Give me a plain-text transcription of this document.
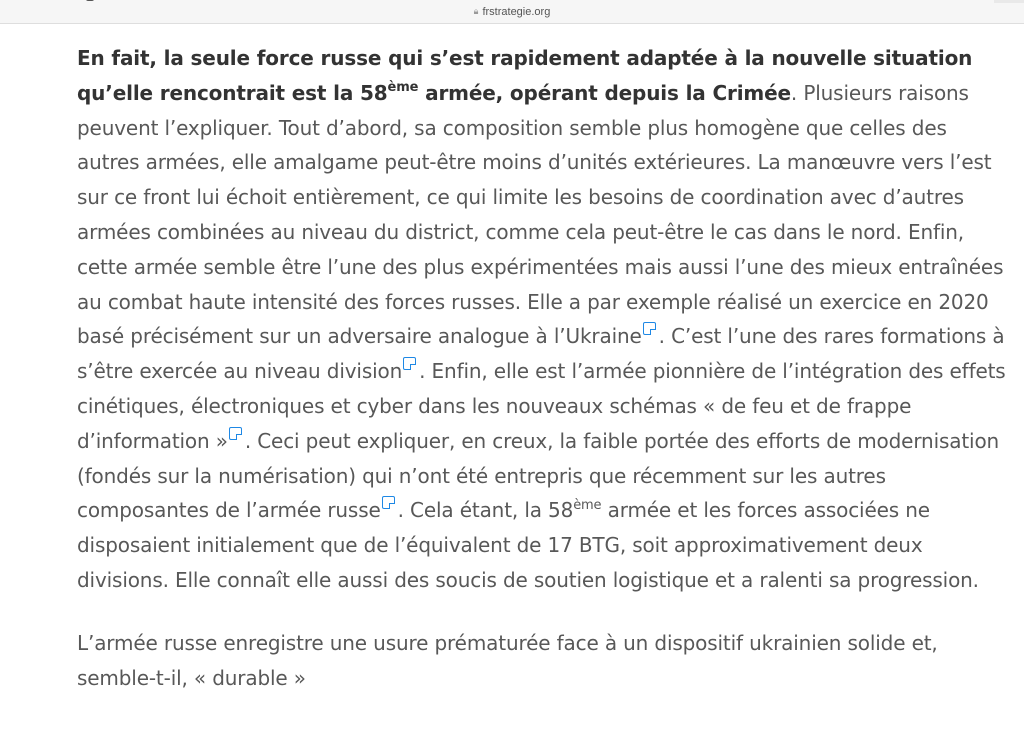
🔒︎ frstrategie.org

En fait, la seule force russe qui s’est rapidement adaptée à la nouvelle situation qu’elle rencontrait est la 58ème armée, opérant depuis la Crimée. Plusieurs raisons peuvent l’expliquer. Tout d’abord, sa composition semble plus homogène que celles des autres armées, elle amalgame peut-être moins d’unités extérieures. La manœuvre vers l’est sur ce front lui échoit entièrement, ce qui limite les besoins de coordination avec d’autres armées combinées au niveau du district, comme cela peut-être le cas dans le nord. Enfin, cette armée semble être l’une des plus expérimentées mais aussi l’une des mieux entraînées au combat haute intensité des forces russes. Elle a par exemple réalisé un exercice en 2020 basé précisément sur un adversaire analogue à l’Ukraine . C’est l’une des rares formations à s’être exercée au niveau division . Enfin, elle est l’armée pionnière de l’intégration des effets cinétiques, électroniques et cyber dans les nouveaux schémas « de feu et de frappe d’information » . Ceci peut expliquer, en creux, la faible portée des efforts de modernisation (fondés sur la numérisation) qui n’ont été entrepris que récemment sur les autres composantes de l’armée russe . Cela étant, la 58ème armée et les forces associées ne disposaient initialement que de l’équivalent de 17 BTG, soit approximativement deux divisions. Elle connaît elle aussi des soucis de soutien logistique et a ralenti sa progression.

L’armée russe enregistre une usure prématurée face à un dispositif ukrainien solide et, semble-t-il, « durable »
